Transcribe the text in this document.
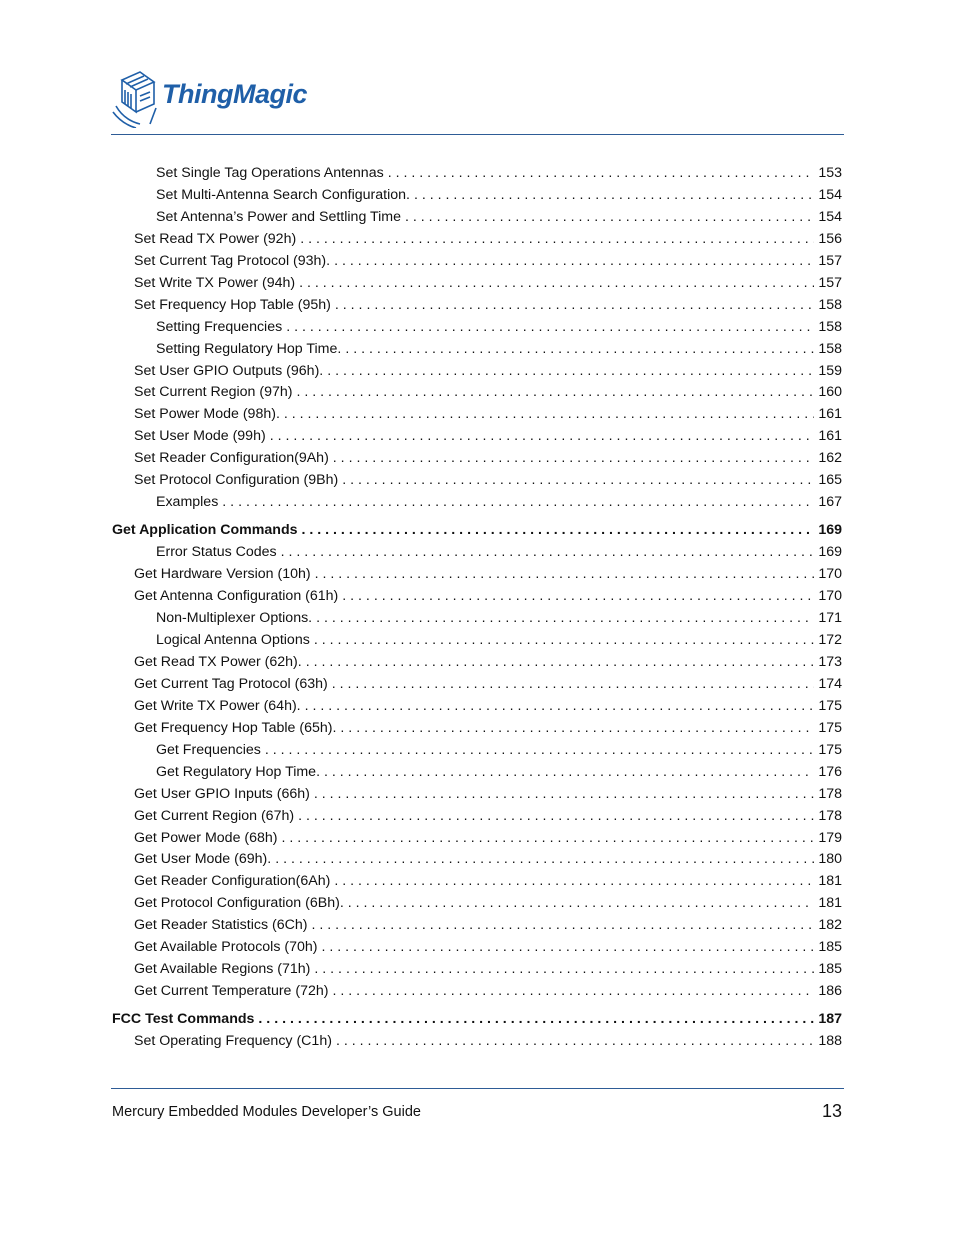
ThingMagic
Set Single Tag Operations Antennas . . .	153
Set Multi-Antenna Search Configuration. . . .	154
Set Antenna’s Power and Settling Time . . .	154
Set Read TX Power (92h) . . .	156
Set Current Tag Protocol (93h). . . .	157
Set Write TX Power (94h) . . .	157
Set Frequency Hop Table (95h) . . .	158
Setting Frequencies . . .	158
Setting Regulatory Hop Time. . . .	158
Set User GPIO Outputs (96h). . . .	159
Set Current Region (97h) . . .	160
Set Power Mode (98h). . . .	161
Set User Mode (99h) . . .	161
Set Reader Configuration(9Ah) . . .	162
Set Protocol Configuration (9Bh) . . .	165
Examples . . .	167
Get Application Commands . . .	169
Error Status Codes . . .	169
Get Hardware Version (10h) . . .	170
Get Antenna Configuration (61h) . . .	170
Non-Multiplexer Options. . . .	171
Logical Antenna Options . . .	172
Get Read TX Power (62h). . . .	173
Get Current Tag Protocol (63h) . . .	174
Get Write TX Power (64h). . . .	175
Get Frequency Hop Table (65h). . . .	175
Get Frequencies . . .	175
Get Regulatory Hop Time. . . .	176
Get User GPIO Inputs (66h) . . .	178
Get Current Region (67h) . . .	178
Get Power Mode (68h) . . .	179
Get User Mode (69h). . . .	180
Get Reader Configuration(6Ah) . . .	181
Get Protocol Configuration (6Bh). . . .	181
Get Reader Statistics (6Ch) . . .	182
Get Available Protocols (70h) . . .	185
Get Available Regions (71h) . . .	185
Get Current Temperature (72h) . . .	186
FCC Test Commands . . .	187
Set Operating Frequency (C1h) . . .	188
Mercury Embedded Modules Developer’s Guide	13
